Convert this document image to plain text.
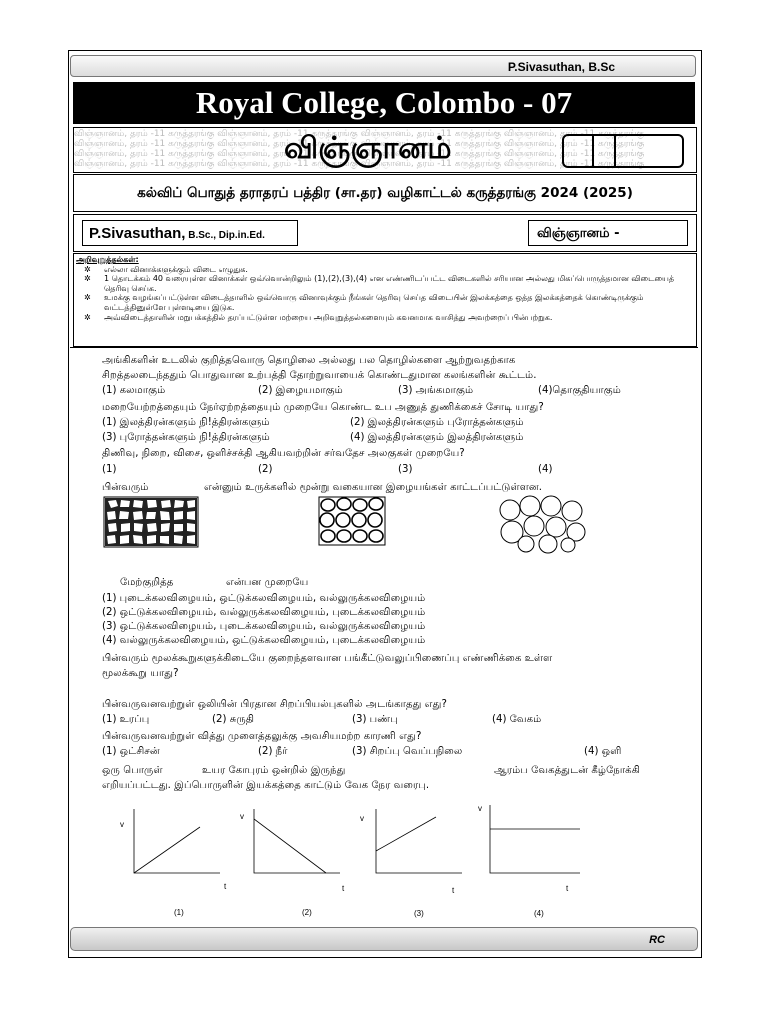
P.Sivasuthan, B.Sc
Royal College, Colombo - 07
விஞ்ஞானம், தரம் -11 கருத்தரங்கு விஞ்ஞானம், தரம் -11 கருத்தரங்கு விஞ்ஞானம், தரம் -11 கருத்தரங்கு விஞ்ஞானம், தரம் -11 கருத்தரங்கு
விஞ்ஞானம், தரம் -11 கருத்தரங்கு விஞ்ஞானம், தரம் -11 கருத்தரங்கு விஞ்ஞானம், தரம் -11 கருத்தரங்கு விஞ்ஞானம், தரம் -11 கருத்தரங்கு
விஞ்ஞானம், தரம் -11 கருத்தரங்கு விஞ்ஞானம், தரம் -11 கருத்தரங்கு விஞ்ஞானம், தரம் -11 கருத்தரங்கு விஞ்ஞானம், தரம் -11 கருத்தரங்கு
விஞ்ஞானம், தரம் -11 கருத்தரங்கு விஞ்ஞானம், தரம் -11 கருத்தரங்கு விஞ்ஞானம், தரம் -11 கருத்தரங்கு விஞ்ஞானம், தரம் -11 கருத்தரங்கு
விஞ்ஞானம்
கல்விப் பொதுத் தராதரப் பத்திர (சா.தர) வழிகாட்டல் கருத்தரங்கு 2024 (2025)
P.Sivasuthan, B.Sc., Dip.in.Ed.	விஞ்ஞானம் -
அறிவுறுத்தல்கள்:
✲ எல்லா வினாக்களுக்கும் விடை எழுதுக.
✲ 1 தொடக்கம் 40 வரையுள்ள வினாக்கள் ஒவ்வொன்றிலும் (1),(2),(3),(4) என எண்ணிடப்பட்ட விடைகளில் சரியான அல்லது மிகப்பொருத்தமான விடையைத் தெரிவு செய்க.
✲ உமக்கு வழங்கப்பட்டுள்ள விடைத்தாளில் ஒவ்வொரு வினாவுக்கும் நீங்கள் தெரிவு செய்த விடையின் இலக்கத்தை ஒத்த இலக்கத்தைக் கொண்டிருக்கும் வட்டத்தினுள்ளே புள்ளடியை இடுக.
✲ அவ்விடைத்தாளின் மறுபக்கத்தில் தரப்பட்டுள்ள மற்றைய அறிவுறுத்தல்களையும் கவனமாக வாசித்து அவற்றைப் பின்பற்றுக.
அங்கிகளின் உடலில் குறித்தவொரு தொழிலை அல்லது பல தொழில்களை ஆற்றுவதற்காக
சிறத்தலடைந்ததும் பொதுவான உற்பத்தி தோற்றுவாயைக் கொண்டதுமான கலங்களின் கூட்டம்.
(1) கலமாகும்	(2) இழையமாகும்	(3) அங்கமாகும்	(4)தொகுதியாகும்
மறையேற்றத்தையும் நேர்ஏற்றத்தையும் முறையே கொண்ட உப அணுத் துணிக்கைச் சோடி யாது?
(1) இலத்திரன்களும் நி!த்திரன்களும்	(2) இலத்திரன்களும் புரோத்தன்களும்
(3) புரோத்தன்களும் நி!த்திரன்களும்	(4) இலத்திரன்களும் இலத்திரன்களும்
திணிவு, நிறை, விசை, ஒளிச்சக்தி ஆகியவற்றின் சர்வதேச அலகுகள் முறையே?
(1)	(2)	(3)	(4)
பின்வரும்	என்னும் உருக்களில் மூன்று வகையான இழையங்கள் காட்டப்பட்டுள்ளன.
மேற்குறித்த	என்பன முறையே
(1) புடைக்கலவிழையம், ஒட்டுக்கலவிழையம், வல்லுருக்கலவிழையம்
(2) ஒட்டுக்கலவிழையம், வல்லுருக்கலவிழையம், புடைக்கலவிழையம்
(3) ஒட்டுக்கலவிழையம், புடைக்கலவிழையம், வல்லுருக்கலவிழையம்
(4) வல்லுருக்கலவிழையம், ஒட்டுக்கலவிழையம், புடைக்கலவிழையம்
பின்வரும் மூலக்கூறுகளுக்கிடையே குறைந்தளவான பங்கீட்டுவலுப்பிணைப்பு எண்ணிக்கை உள்ள
மூலக்கூறு யாது?
பின்வருவனவற்றுள் ஒலியின் பிரதான சிறப்பியல்புகளில் அடங்காதது எது?
(1) உரப்பு	(2) சுருதி	(3) பண்பு	(4) வேகம்
பின்வருவனவற்றுள் வித்து முளைத்தலுக்கு அவசியமற்ற காரணி எது?
(1) ஒட்சிசன்	(2) நீர்	(3) சிறப்பு வெப்பநிலை	(4) ஒளி
ஒரு பொருள்	உயர கோபுரம் ஒன்றில் இருந்து	ஆரம்ப வேகத்துடன் கீழ்நோக்கி
எறியப்பட்டது. இப்பொருளின் இயக்கத்தை காட்டும் வேக நேர வரைபு.
v
t
v
t
v
t
v
t
(1)	(2)	(3)	(4)
RC
